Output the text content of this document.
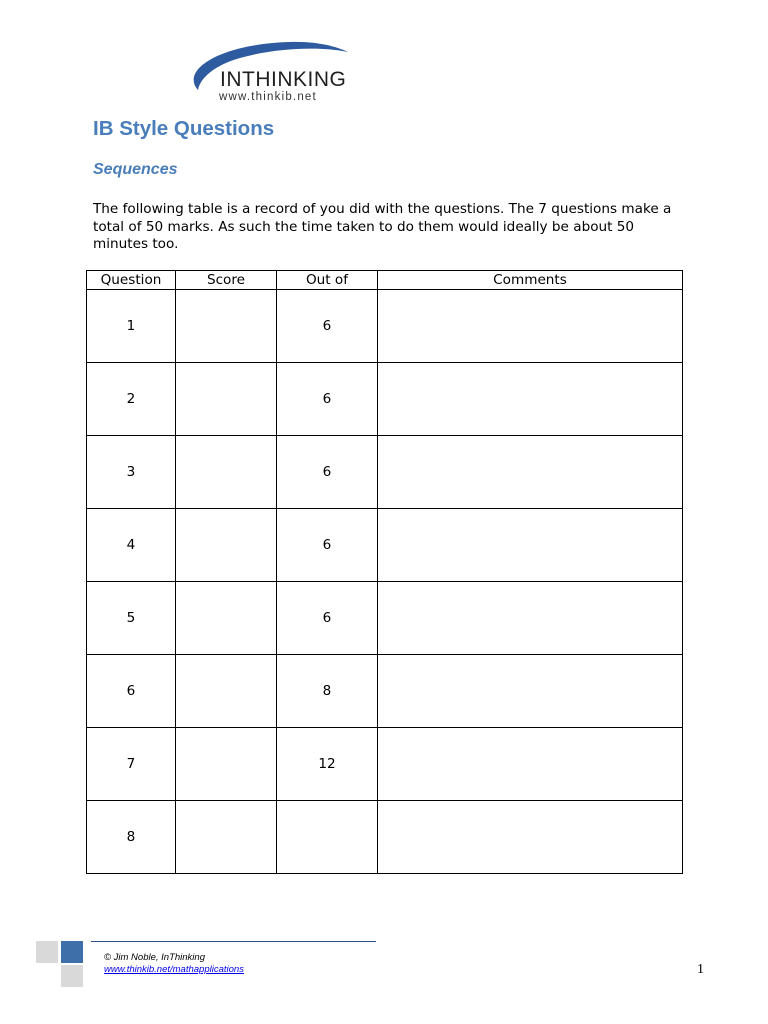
INTHINKING
www.thinkib.net
IB Style Questions
Sequences

The following table is a record of you did with the questions. The 7 questions make a total of 50 marks. As such the time taken to do them would ideally be about 50 minutes too.

Question	Score	Out of	Comments
1		6	
2		6	
3		6	
4		6	
5		6	
6		8	
7		12	
8			
© Jim Noble, InThinking
www.thinkib.net/mathapplications	1
